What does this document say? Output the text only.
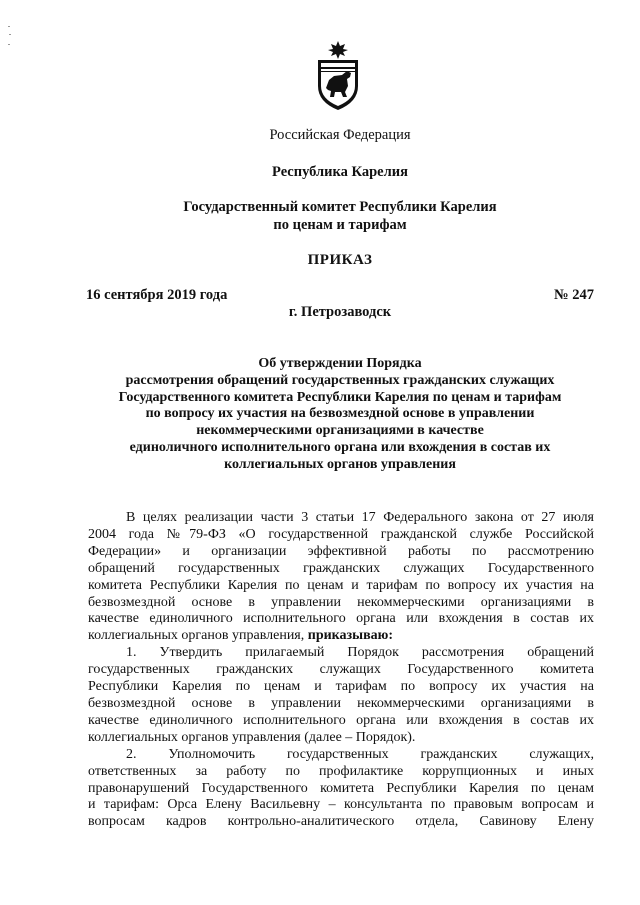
Российская Федерация
Республика Карелия
Государственный комитет Республики Карелия
по ценам и тарифам
ПРИКАЗ
16 сентября 2019 года	№ 247
г. Петрозаводск
Об утверждении Порядка
рассмотрения обращений государственных гражданских служащих
Государственного комитета Республики Карелия по ценам и тарифам
по вопросу их участия на безвозмездной основе в управлении
некоммерческими организациями в качестве
единоличного исполнительного органа или вхождения в состав их
коллегиальных органов управления
В целях реализации части 3 статьи 17 Федерального закона от 27 июля
2004 года №79-ФЗ «О государственной гражданской службе Российской
Федерации» и организации эффективной работы по рассмотрению
обращений государственных гражданских служащих Государственного
комитета Республики Карелия по ценам и тарифам по вопросу их участия на
безвозмездной основе в управлении некоммерческими организациями в
качестве единоличного исполнительного органа или вхождения в состав их
коллегиальных органов управления, приказываю:
1. Утвердить прилагаемый Порядок рассмотрения обращений
государственных гражданских служащих Государственного комитета
Республики Карелия по ценам и тарифам по вопросу их участия на
безвозмездной основе в управлении некоммерческими организациями в
качестве единоличного исполнительного органа или вхождения в состав их
коллегиальных органов управления (далее – Порядок).
2. Уполномочить государственных гражданских служащих,
ответственных за работу по профилактике коррупционных и иных
правонарушений Государственного комитета Республики Карелия по ценам
и тарифам: Орса Елену Васильевну – консультанта по правовым вопросам и
вопросам кадров контрольно-аналитического отдела, Савинову Елену
